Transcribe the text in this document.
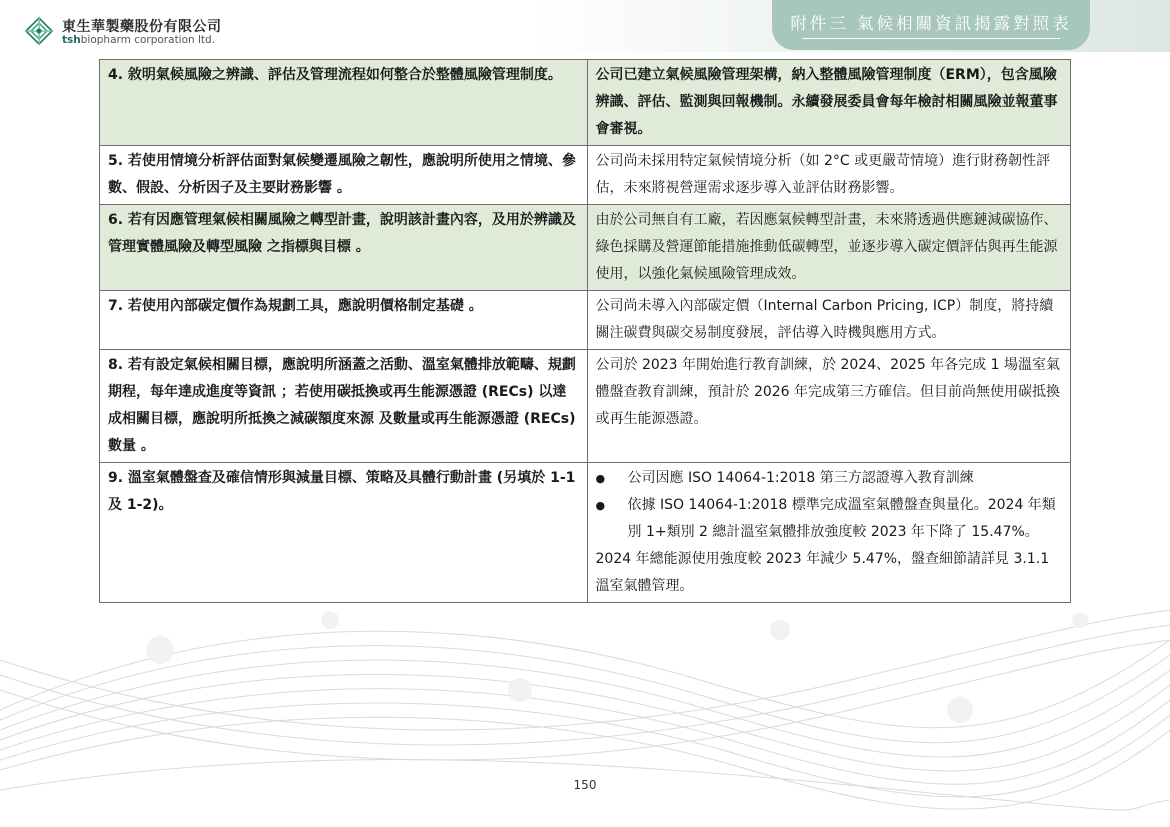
東生華製藥股份有限公司
tshbiopharm corporation ltd.
附件三 氣候相關資訊揭露對照表
4. 敘明氣候風險之辨識、評估及管理流程如何整合於整體風險管理制度。	公司已建立氣候風險管理架構，納入整體風險管理制度（ERM），包含風險辨識、評估、監測與回報機制。永續發展委員會每年檢討相關風險並報董事會審視。
5. 若使用情境分析評估面對氣候變遷風險之韌性，應說明所使用之情境、參數、假設、分析因子及主要財務影響 。	公司尚未採用特定氣候情境分析（如 2°C 或更嚴苛情境）進行財務韌性評估，未來將視營運需求逐步導入並評估財務影響。
6. 若有因應管理氣候相關風險之轉型計畫，說明該計畫內容，及用於辨識及管理實體風險及轉型風險 之指標與目標 。	由於公司無自有工廠，若因應氣候轉型計畫，未來將透過供應鏈減碳協作、綠色採購及營運節能措施推動低碳轉型，並逐步導入碳定價評估與再生能源使用，以強化氣候風險管理成效。
7. 若使用內部碳定價作為規劃工具，應說明價格制定基礎 。	公司尚未導入內部碳定價（Internal Carbon Pricing, ICP）制度，將持續關注碳費與碳交易制度發展，評估導入時機與應用方式。
8. 若有設定氣候相關目標，應說明所涵蓋之活動、溫室氣體排放範疇、規劃期程，每年達成進度等資訊 ；若使用碳抵換或再生能源憑證 (RECs) 以達成相關目標，應說明所抵換之減碳額度來源 及數量或再生能源憑證 (RECs) 數量 。	公司於 2023 年開始進行教育訓練，於 2024、2025 年各完成 1 場溫室氣體盤查教育訓練，預計於 2026 年完成第三方確信。但目前尚無使用碳抵換或再生能源憑證。
9. 溫室氣體盤查及確信情形與減量目標、策略及具體行動計畫 (另填於 1-1 及 1-2)。	● 公司因應 ISO 14064-1:2018 第三方認證導入教育訓練
● 依據 ISO 14064-1:2018 標準完成溫室氣體盤查與量化。2024 年類別 1+類別 2 總計溫室氣體排放強度較 2023 年下降了 15.47%。
2024 年總能源使用強度較 2023 年減少 5.47%，盤查細節請詳見 3.1.1 溫室氣體管理。
150
